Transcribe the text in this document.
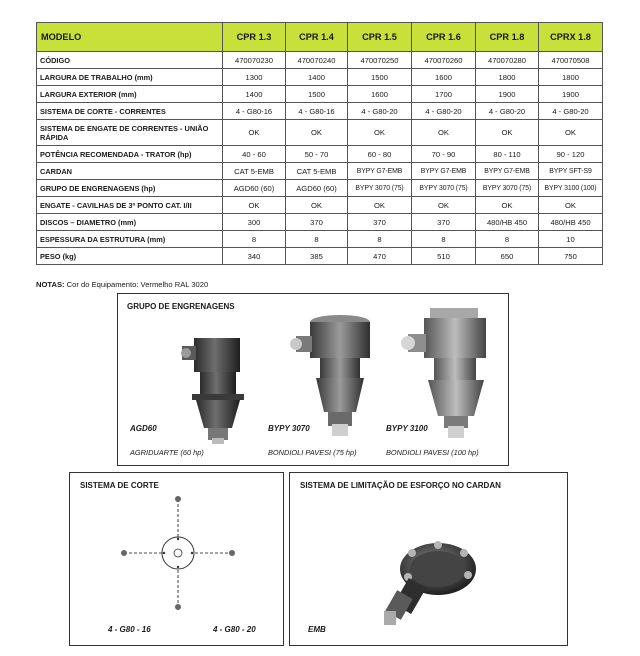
MODELO	CPR 1.3	CPR 1.4	CPR 1.5	CPR 1.6	CPR 1.8	CPRX 1.8
CÓDIGO	470070230	470070240	470070250	470070260	470070280	470070508
LARGURA DE TRABALHO (mm)	1300	1400	1500	1600	1800	1800
LARGURA EXTERIOR (mm)	1400	1500	1600	1700	1900	1900
SISTEMA DE CORTE - CORRENTES	4 - G80-16	4 - G80-16	4 - G80-20	4 - G80-20	4 - G80-20	4 - G80-20
SISTEMA DE ENGATE DE CORRENTES - UNIÃO RÁPIDA	OK	OK	OK	OK	OK	OK
POTÊNCIA RECOMENDADA - TRATOR (hp)	40 - 60	50 - 70	60 - 80	70 - 90	80 - 110	90 - 120
CARDAN	CAT 5-EMB	CAT 5-EMB	BYPY G7-EMB	BYPY G7-EMB	BYPY G7-EMB	BYPY SFT-S9
GRUPO DE ENGRENAGENS (hp)	AGD60 (60)	AGD60 (60)	BYPY 3070 (75)	BYPY 3070 (75)	BYPY 3070 (75)	BYPY 3100 (100)
ENGATE - CAVILHAS DE 3º PONTO CAT. I/II	OK	OK	OK	OK	OK	OK
DISCOS – DIAMETRO (mm)	300	370	370	370	480/HB 450	480/HB 450
ESPESSURA DA ESTRUTURA (mm)	8	8	8	8	8	10
PESO (kg)	340	385	470	510	650	750
NOTAS: Cor do Equipamento: Vermelho RAL 3020
GRUPO DE ENGRENAGENS
AGD60
AGRIDUARTE (60 hp)
BYPY 3070
BONDIOLI PAVESI (75 hp)
BYPY 3100
BONDIOLI PAVESI (100 hp)
SISTEMA DE CORTE
4 - G80 - 16	4 - G80 - 20
SISTEMA DE LIMITAÇÃO DE ESFORÇO NO CARDAN
EMB
